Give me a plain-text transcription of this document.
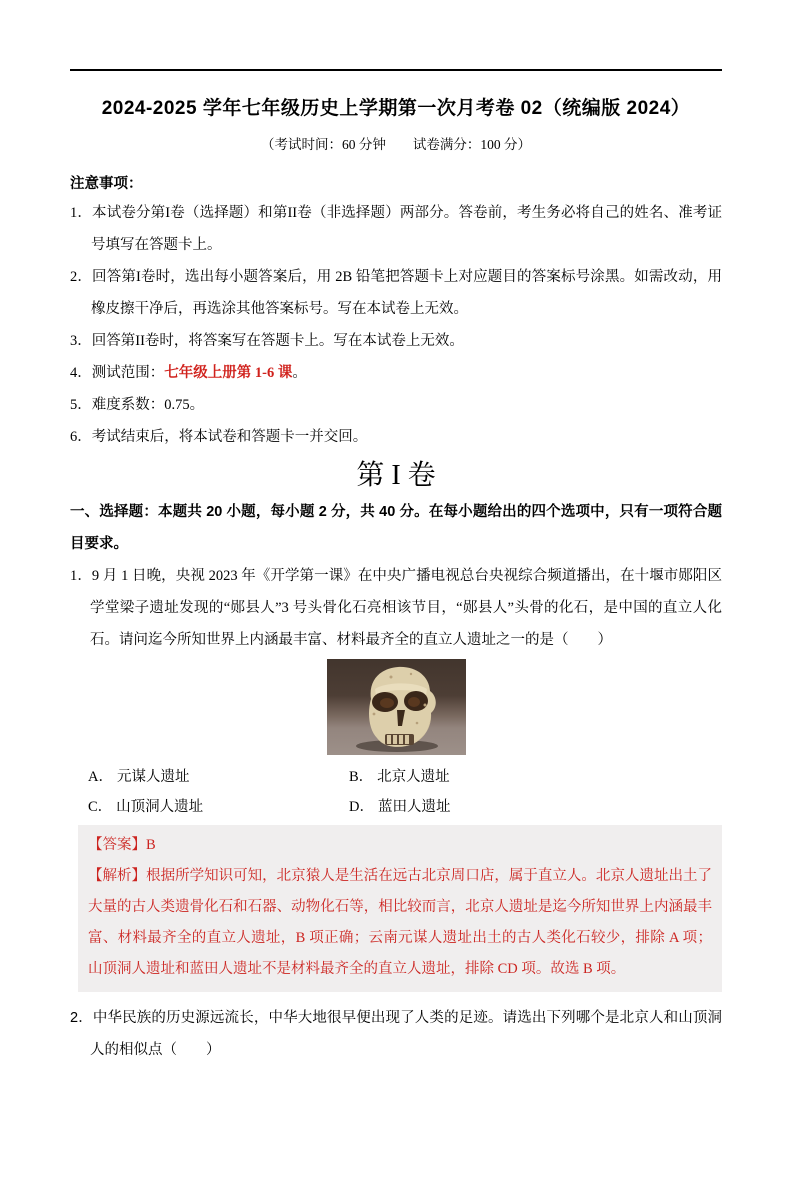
2024-2025 学年七年级历史上学期第一次月考卷 02（统编版 2024）
（考试时间：60 分钟　　试卷满分：100 分）
注意事项：
1．本试卷分第I卷（选择题）和第II卷（非选择题）两部分。答卷前，考生务必将自己的姓名、准考证号填写在答题卡上。
2．回答第I卷时，选出每小题答案后，用 2B 铅笔把答题卡上对应题目的答案标号涂黑。如需改动，用橡皮擦干净后，再选涂其他答案标号。写在本试卷上无效。
3．回答第II卷时，将答案写在答题卡上。写在本试卷上无效。
4．测试范围：七年级上册第 1-6 课。
5．难度系数：0.75。
6．考试结束后，将本试卷和答题卡一并交回。
第 I 卷
一、选择题：本题共 20 小题，每小题 2 分，共 40 分。在每小题给出的四个选项中，只有一项符合题目要求。
1．9 月 1 日晚，央视 2023 年《开学第一课》在中央广播电视总台央视综合频道播出，在十堰市郧阳区学堂梁子遗址发现的“郧县人”3 号头骨化石亮相该节目，“郧县人”头骨的化石，是中国的直立人化石。请问迄今所知世界上内涵最丰富、材料最齐全的直立人遗址之一的是（　　）
A． 元谋人遗址	B． 北京人遗址
C． 山顶洞人遗址	D． 蓝田人遗址
【答案】B
【解析】根据所学知识可知，北京猿人是生活在远古北京周口店，属于直立人。北京人遗址出土了大量的古人类遗骨化石和石器、动物化石等，相比较而言，北京人遗址是迄今所知世界上内涵最丰富、材料最齐全的直立人遗址，B 项正确；云南元谋人遗址出土的古人类化石较少，排除 A 项；山顶洞人遗址和蓝田人遗址不是材料最齐全的直立人遗址，排除 CD 项。故选 B 项。
2．中华民族的历史源远流长，中华大地很早便出现了人类的足迹。请选出下列哪个是北京人和山顶洞人的相似点（　　）
